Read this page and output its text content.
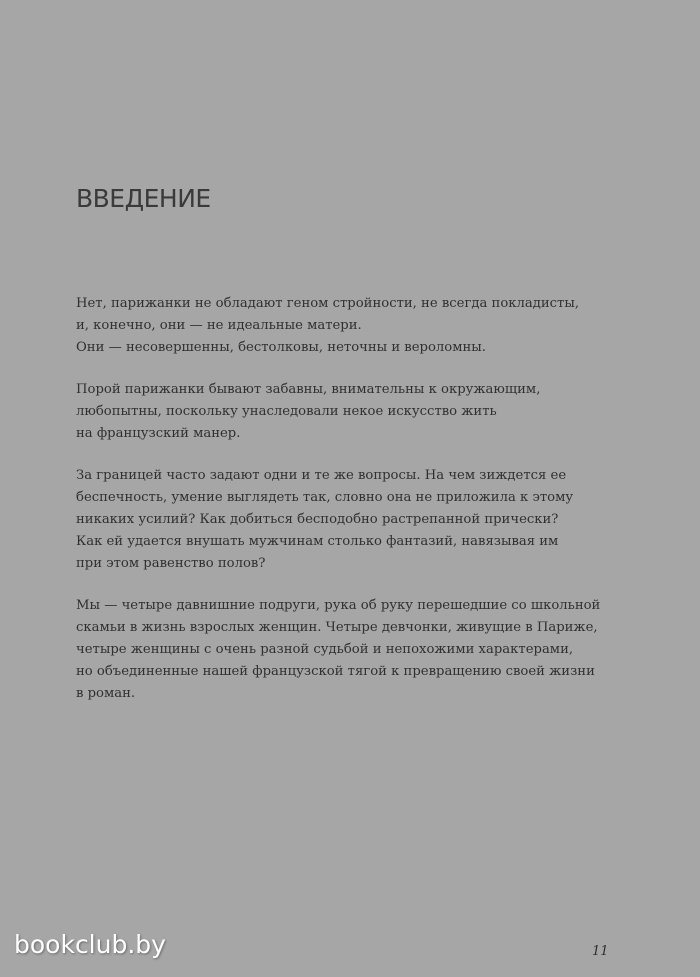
ВВЕДЕНИЕ

Нет, парижанки не обладают геном стройности, не всегда покладисты,
и, конечно, они — не идеальные матери.
Они — несовершенны, бестолковы, неточны и вероломны.

Порой парижанки бывают забавны, внимательны к окружающим,
любопытны, поскольку унаследовали некое искусство жить
на французский манер.

За границей часто задают одни и те же вопросы. На чем зиждется ее
беспечность, умение выглядеть так, словно она не приложила к этому
никаких усилий? Как добиться бесподобно растрепанной прически?
Как ей удается внушать мужчинам столько фантазий, навязывая им
при этом равенство полов?

Мы — четыре давнишние подруги, рука об руку перешедшие со школьной
скамьи в жизнь взрослых женщин. Четыре девчонки, живущие в Париже,
четыре женщины с очень разной судьбой и непохожими характерами,
но объединенные нашей французской тягой к превращению своей жизни
в роман.

bookclub.by	11
